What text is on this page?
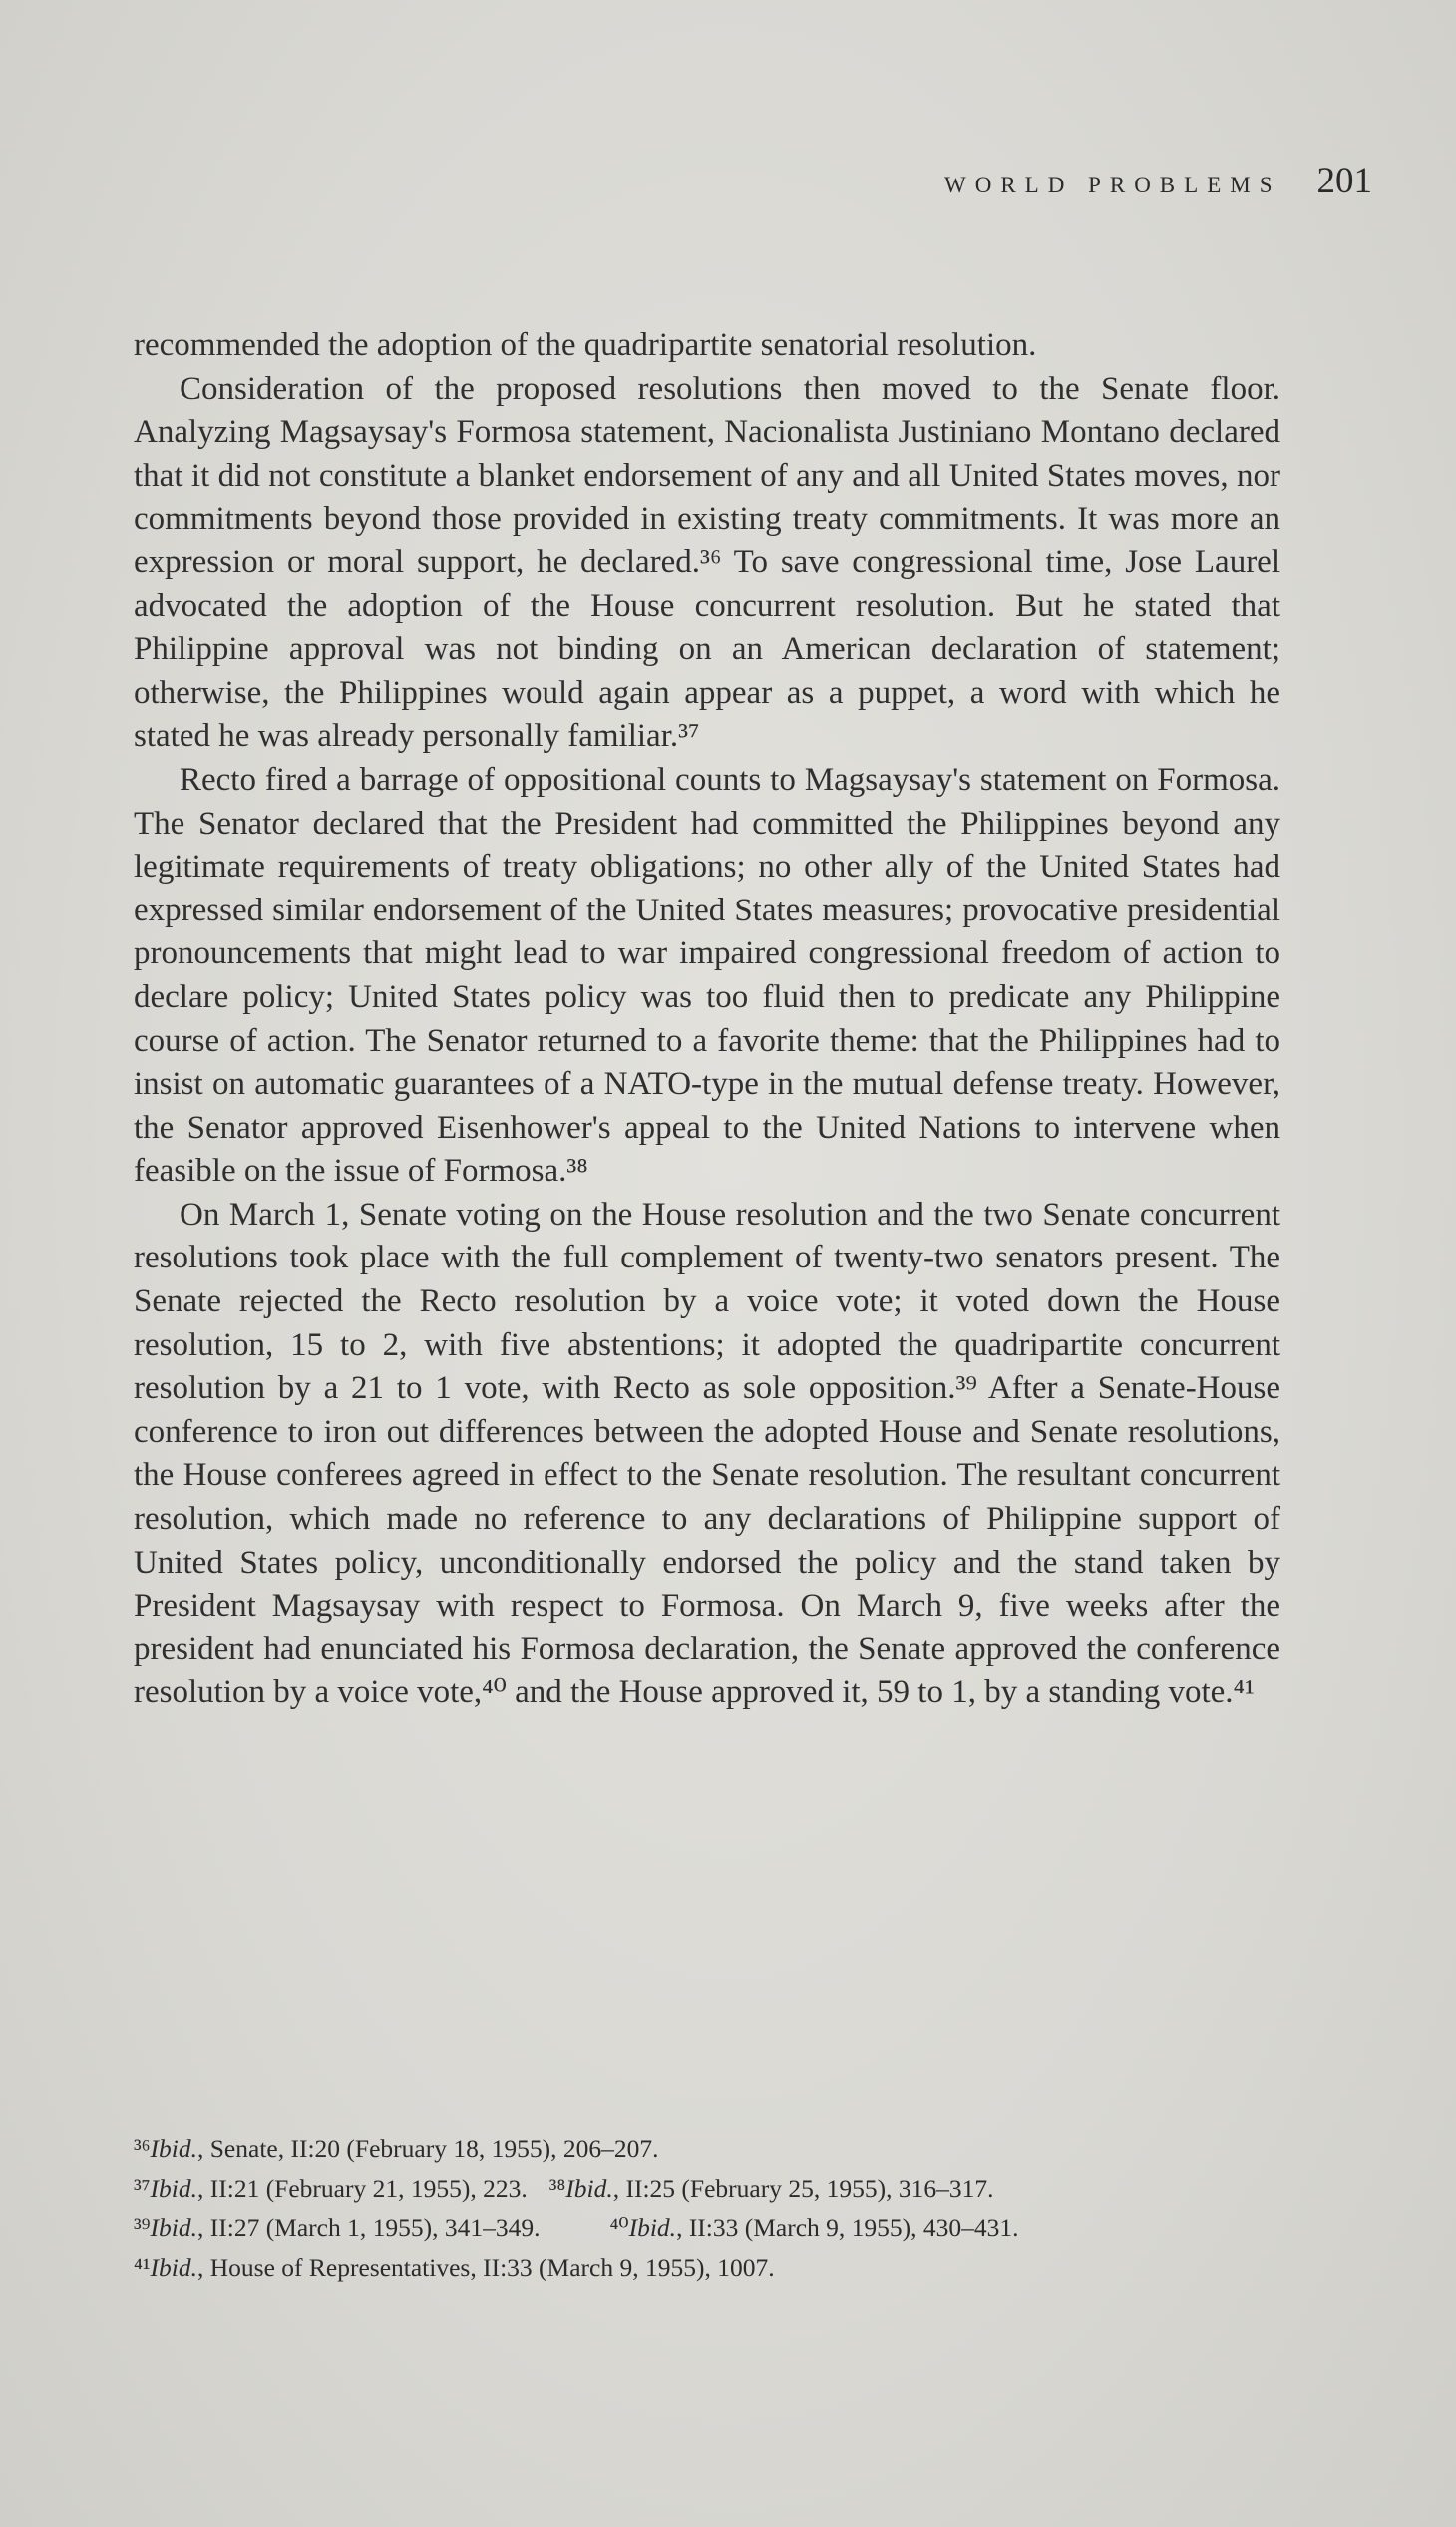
WORLD PROBLEMS 201

recommended the adoption of the quadripartite senatorial resolution.

Consideration of the proposed resolutions then moved to the Senate floor. Analyzing Magsaysay's Formosa statement, Nacionalista Justiniano Montano declared that it did not constitute a blanket endorsement of any and all United States moves, nor commitments beyond those provided in existing treaty commitments. It was more an expression or moral support, he declared.³⁶ To save congressional time, Jose Laurel advocated the adoption of the House concurrent resolution. But he stated that Philippine approval was not binding on an American declaration of statement; otherwise, the Philippines would again appear as a puppet, a word with which he stated he was already personally familiar.³⁷

Recto fired a barrage of oppositional counts to Magsaysay's statement on Formosa. The Senator declared that the President had committed the Philippines beyond any legitimate requirements of treaty obligations; no other ally of the United States had expressed similar endorsement of the United States measures; provocative presidential pronouncements that might lead to war impaired congressional freedom of action to declare policy; United States policy was too fluid then to predicate any Philippine course of action. The Senator returned to a favorite theme: that the Philippines had to insist on automatic guarantees of a NATO-type in the mutual defense treaty. However, the Senator approved Eisenhower's appeal to the United Nations to intervene when feasible on the issue of Formosa.³⁸

On March 1, Senate voting on the House resolution and the two Senate concurrent resolutions took place with the full complement of twenty-two senators present. The Senate rejected the Recto resolution by a voice vote; it voted down the House resolution, 15 to 2, with five abstentions; it adopted the quadripartite concurrent resolution by a 21 to 1 vote, with Recto as sole opposition.³⁹ After a Senate-House conference to iron out differences between the adopted House and Senate resolutions, the House conferees agreed in effect to the Senate resolution. The resultant concurrent resolution, which made no reference to any declarations of Philippine support of United States policy, unconditionally endorsed the policy and the stand taken by President Magsaysay with respect to Formosa. On March 9, five weeks after the president had enunciated his Formosa declaration, the Senate approved the conference resolution by a voice vote,⁴⁰ and the House approved it, 59 to 1, by a standing vote.⁴¹

³⁶Ibid., Senate, II:20 (February 18, 1955), 206–207.

³⁷Ibid., II:21 (February 21, 1955), 223. ³⁸Ibid., II:25 (February 25, 1955), 316–317.

³⁹Ibid., II:27 (March 1, 1955), 341–349.	⁴⁰Ibid., II:33 (March 9, 1955), 430–431.

⁴¹Ibid., House of Representatives, II:33 (March 9, 1955), 1007.
